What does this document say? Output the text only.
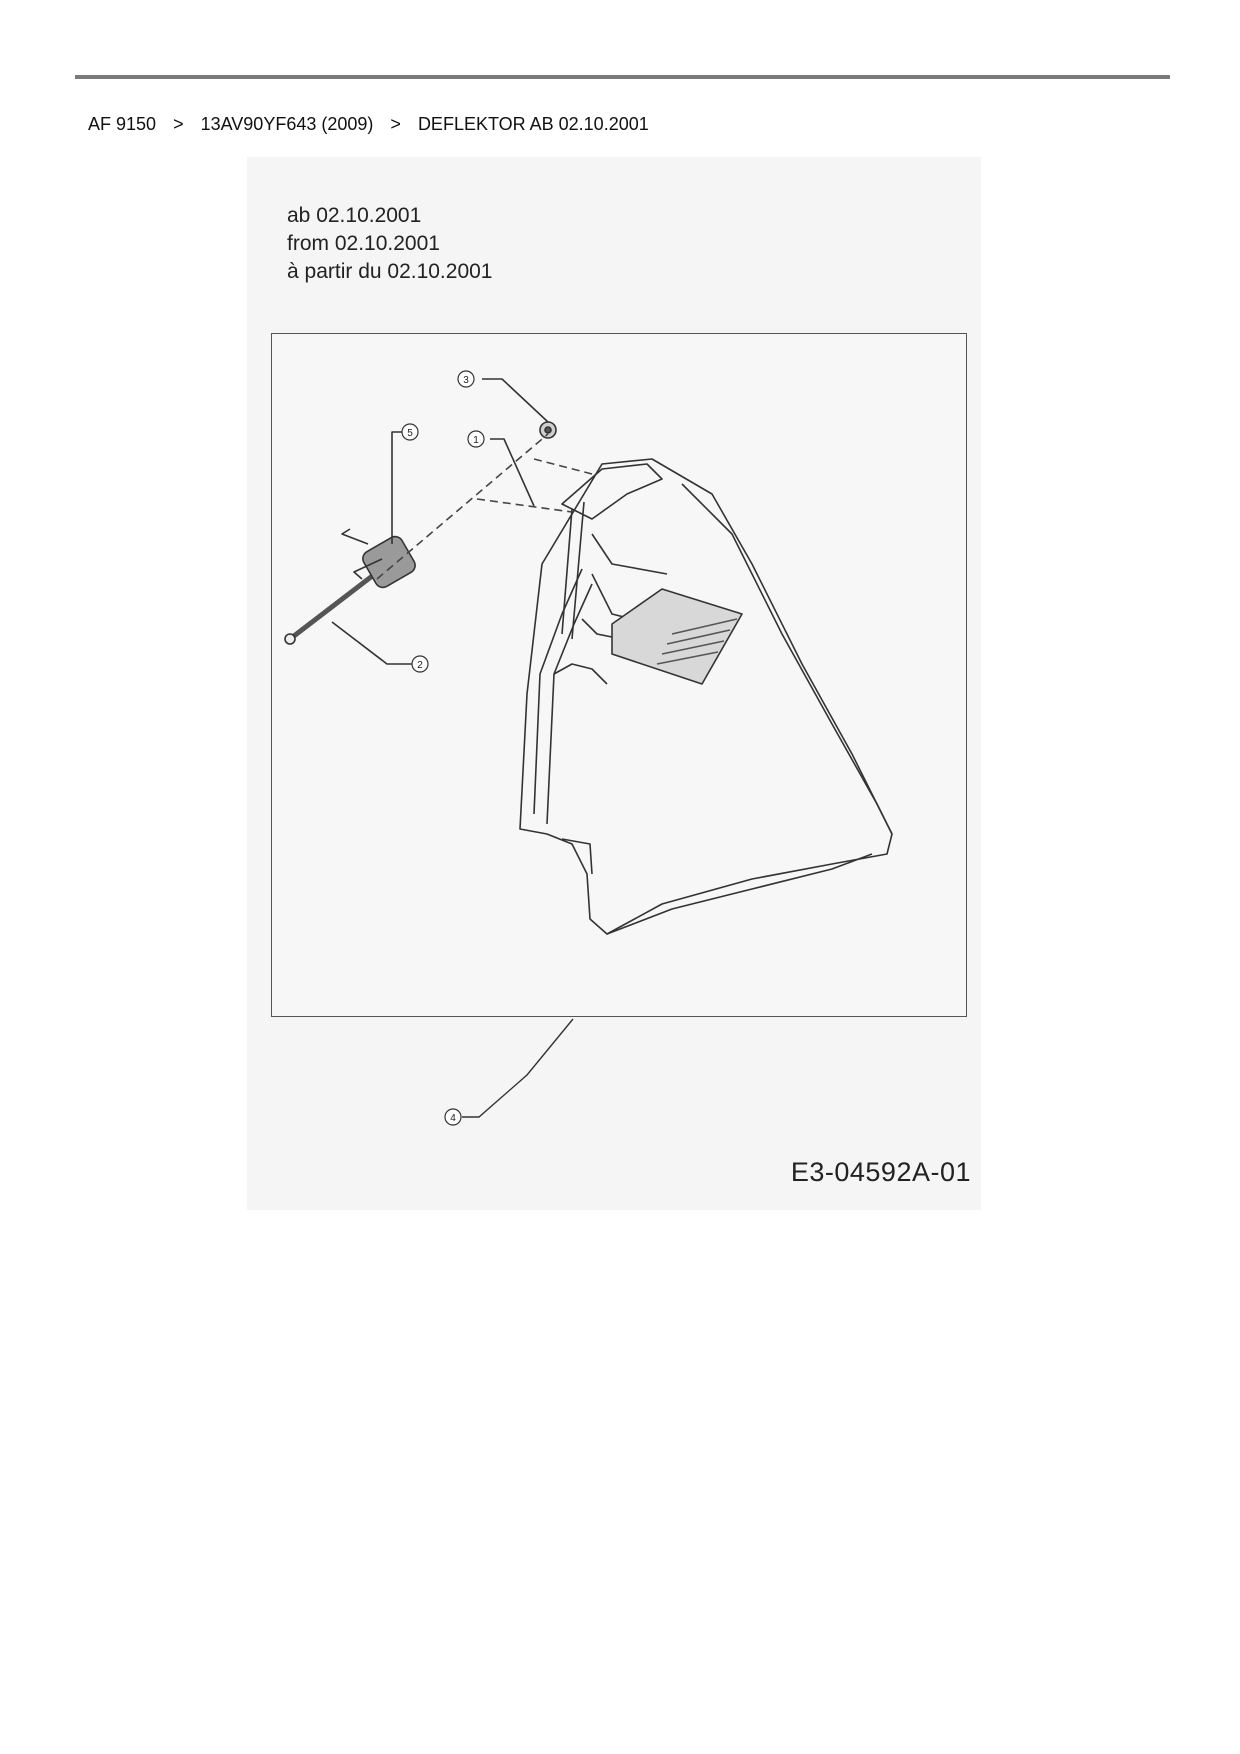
AF 9150 > 13AV90YF643 (2009) > DEFLEKTOR AB 02.10.2001
ab 02.10.2001
from 02.10.2001
à partir du 02.10.2001
3
1
5
2
4
E3-04592A-01
